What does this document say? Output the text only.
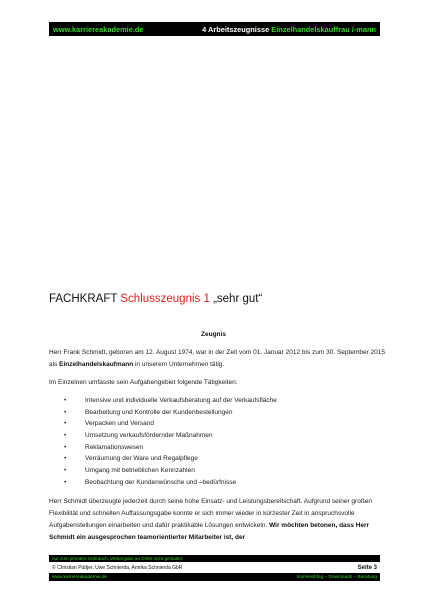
www.karriereakademie.de	4 Arbeitszeugnisse Einzelhandelskauffrau /-mann
FACHKRAFT Schlusszeugnis 1 „sehr gut“
Zeugnis
Herr Frank Schmidt, geboren am 12. August 1974, war in der Zeit vom 01. Januar 2012 bis zum 30. September 2015 als Einzelhandelskaufmann in unserem Unternehmen tätig.
Im Einzelnen umfasste sein Aufgabengebiet folgende Tätigkeiten:
•	Intensive und individuelle Verkaufsberatung auf der Verkaufsfläche
•	Bearbeitung und Kontrolle der Kundenbestellungen
•	Verpacken und Versand
•	Umsetzung verkaufsfördernder Maßnahmen
•	Reklamationswesen
•	Verräumung der Ware und Regalpflege
•	Umgang mit betrieblichen Kennzahlen
•	Beobachtung der Kundenwünsche und –bedürfnisse
Herr Schmidt überzeugte jederzeit durch seine hohe Einsatz- und Leistungsbereitschaft. Aufgrund seiner großen Flexibilität und schnellen Auffassungsgabe konnte er sich immer wieder in kürzester Zeit in anspruchsvolle Aufgabenstellungen einarbeiten und dafür praktikable Lösungen entwickeln. Wir möchten betonen, dass Herr Schmidt ein ausgesprochen teamorientierter Mitarbeiter ist, der
nur zum privaten Gebrauch, Weitergabe an Dritte nicht gestattet
© Christian Püttjer, Uwe Schnierda, Annika Schnierda GbR	Seite 3
www.karriereakademie.de	Karriereblog – Downloads – Beratung
